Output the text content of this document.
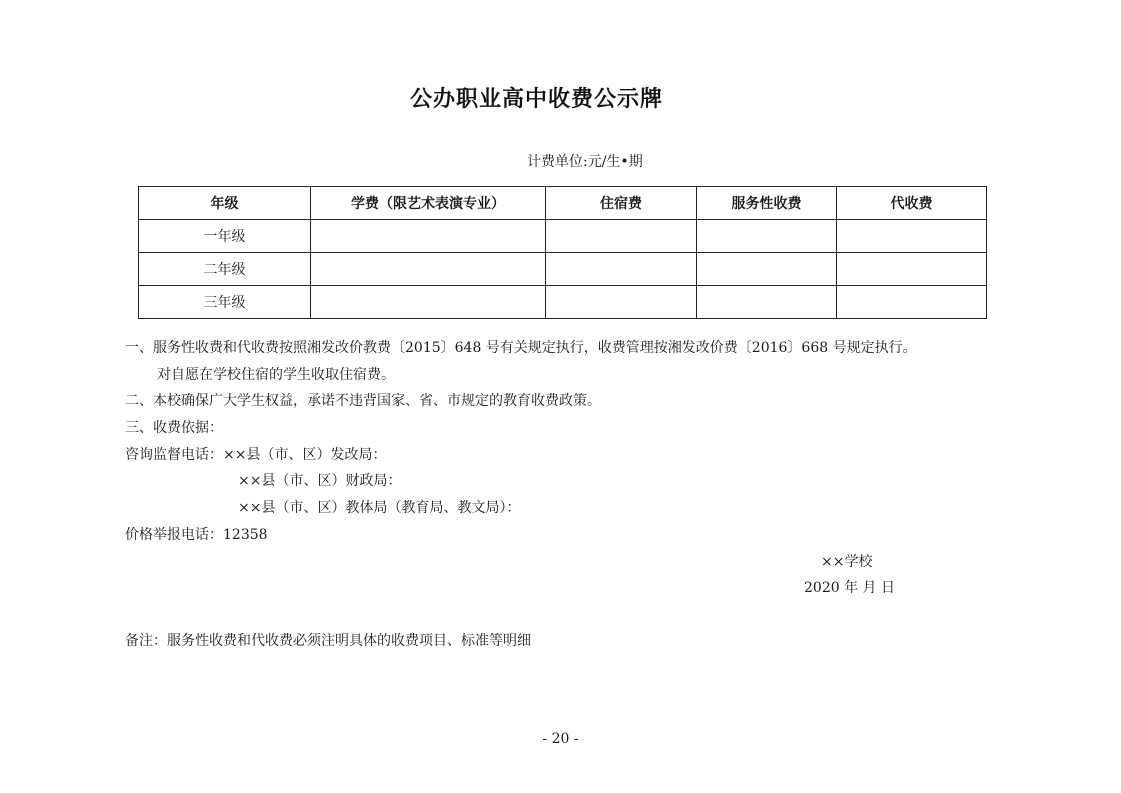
公办职业高中收费公示牌
计费单位:元/生•期
年级	学费（限艺术表演专业）	住宿费	服务性收费	代收费
一年级				
二年级				
三年级				
一、服务性收费和代收费按照湘发改价教费〔2015〕648 号有关规定执行，收费管理按湘发改价费〔2016〕668 号规定执行。
对自愿在学校住宿的学生收取住宿费。
二、本校确保广大学生权益，承诺不违背国家、省、市规定的教育收费政策。
三、收费依据：
咨询监督电话：××县（市、区）发改局：
××县（市、区）财政局：
××县（市、区）教体局（教育局、教文局）：
价格举报电话：12358
××学校
2020 年 月 日
备注：服务性收费和代收费必须注明具体的收费项目、标准等明细
- 20 -
